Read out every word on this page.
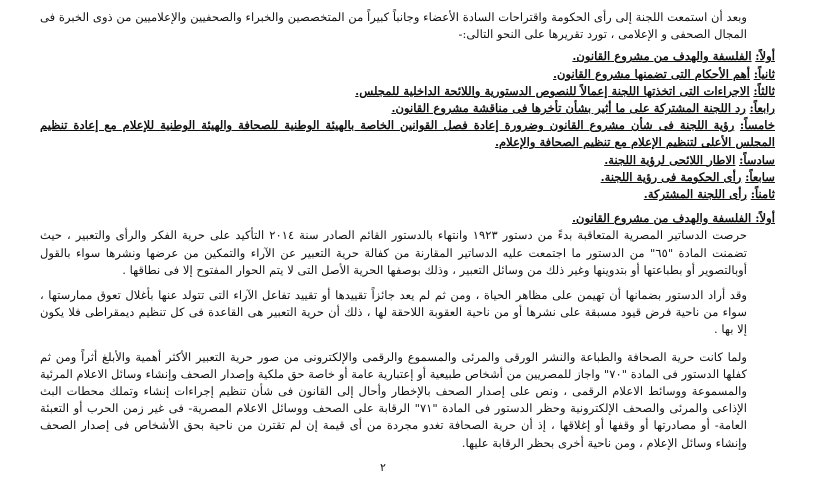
وبعد أن استمعت اللجنة إلى رأى الحكومة واقتراحات السادة الأعضاء وجانباً كبيراً من المتخصصين والخبراء والصحفيين والإعلاميين من ذوى الخبرة فى المجال الصحفى و الإعلامى ، تورد تقريرها على النحو التالى:-

أولاً: الفلسفة والهدف من مشروع القانون.

ثانياً: أهم الأحكام التى تضمنها مشروع القانون.

ثالثاً: الاجراءات التى اتخذتها اللجنة إعمالاً للنصوص الدستورية واللائحة الداخلية للمجلس.

رابعاً: رد اللجنة المشتركة على ما أثير بشأن تأخرها فى مناقشة مشروع القانون.

خامساً: رؤية اللجنة فى شأن مشروع القانون وضرورة إعادة فصل القوانين الخاصة بالهيئة الوطنية للصحافة والهيئة الوطنية للإعلام مع إعادة تنظيم المجلس الأعلى لتنظيم الإعلام مع تنظيم الصحافة والإعلام.

سادساً: الاطار اللائحى لرؤية اللجنة.

سابعاً: رأى الحكومة فى رؤية اللجنة.

ثامناً: رأى اللجنة المشتركة.

أولاً: الفلسفة والهدف من مشروع القانون.

حرصت الدساتير المصرية المتعاقبة بدءً من دستور ١٩٢٣ وانتهاء بالدستور القائم الصادر سنة ٢٠١٤ التأكيد على حرية الفكر والرأى والتعبير ، حيث تضمنت المادة "٦٥" من الدستور ما اجتمعت عليه الدساتير المقارنة من كفالة حرية التعبير عن الآراء والتمكين من عرضها ونشرها سواء بالقول أوبالتصوير أو بطباعتها أو بتدوينها وغير ذلك من وسائل التعبير ، وذلك بوصفها الحرية الأصل التى لا يتم الحوار المفتوح إلا فى نطاقها .

وقد أراد الدستور بضمانها أن تهيمن على مظاهر الحياة ، ومن ثم لم يعد جائزاً تقييدها أو تقييد تفاعل الآراء التى تتولد عنها بأغلال تعوق ممارستها ، سواء من ناحية فرض قيود مسبقة على نشرها أو من ناحية العقوبة اللاحقة لها ، ذلك أن حرية التعبير هى القاعدة فى كل تنظيم ديمقراطى فلا يكون إلا بها .

ولما كانت حرية الصحافة والطباعة والنشر الورقى والمرئى والمسموع والرقمى والإلكترونى من صور حرية التعبير الأكثر أهمية والأبلغ أثراً ومن ثم كفلها الدستور فى المادة "٧٠" واجاز للمصريين من أشخاص طبيعية أو إعتبارية عامة أو خاصة حق ملكية وإصدار الصحف وإنشاء وسائل الاعلام المرئية والمسموعة ووسائط الاعلام الرقمى ، ونص على إصدار الصحف بالإخطار وأحال إلى القانون فى شأن تنظيم إجراءات إنشاء وتملك محطات البث الإذاعى والمرئى والصحف الإلكترونية وحظر الدستور فى المادة "٧١" الرقابة على الصحف ووسائل الاعلام المصرية- فى غير زمن الحرب أو التعبئة العامة- أو مصادرتها أو وقفها أو إغلاقها ، إذ أن حرية الصحافة تغدو مجردة من أى قيمة إن لم تقترن من ناحية بحق الأشخاص فى إصدار الصحف وإنشاء وسائل الإعلام ، ومن ناحية أخرى بحظر الرقابة عليها.

٢
